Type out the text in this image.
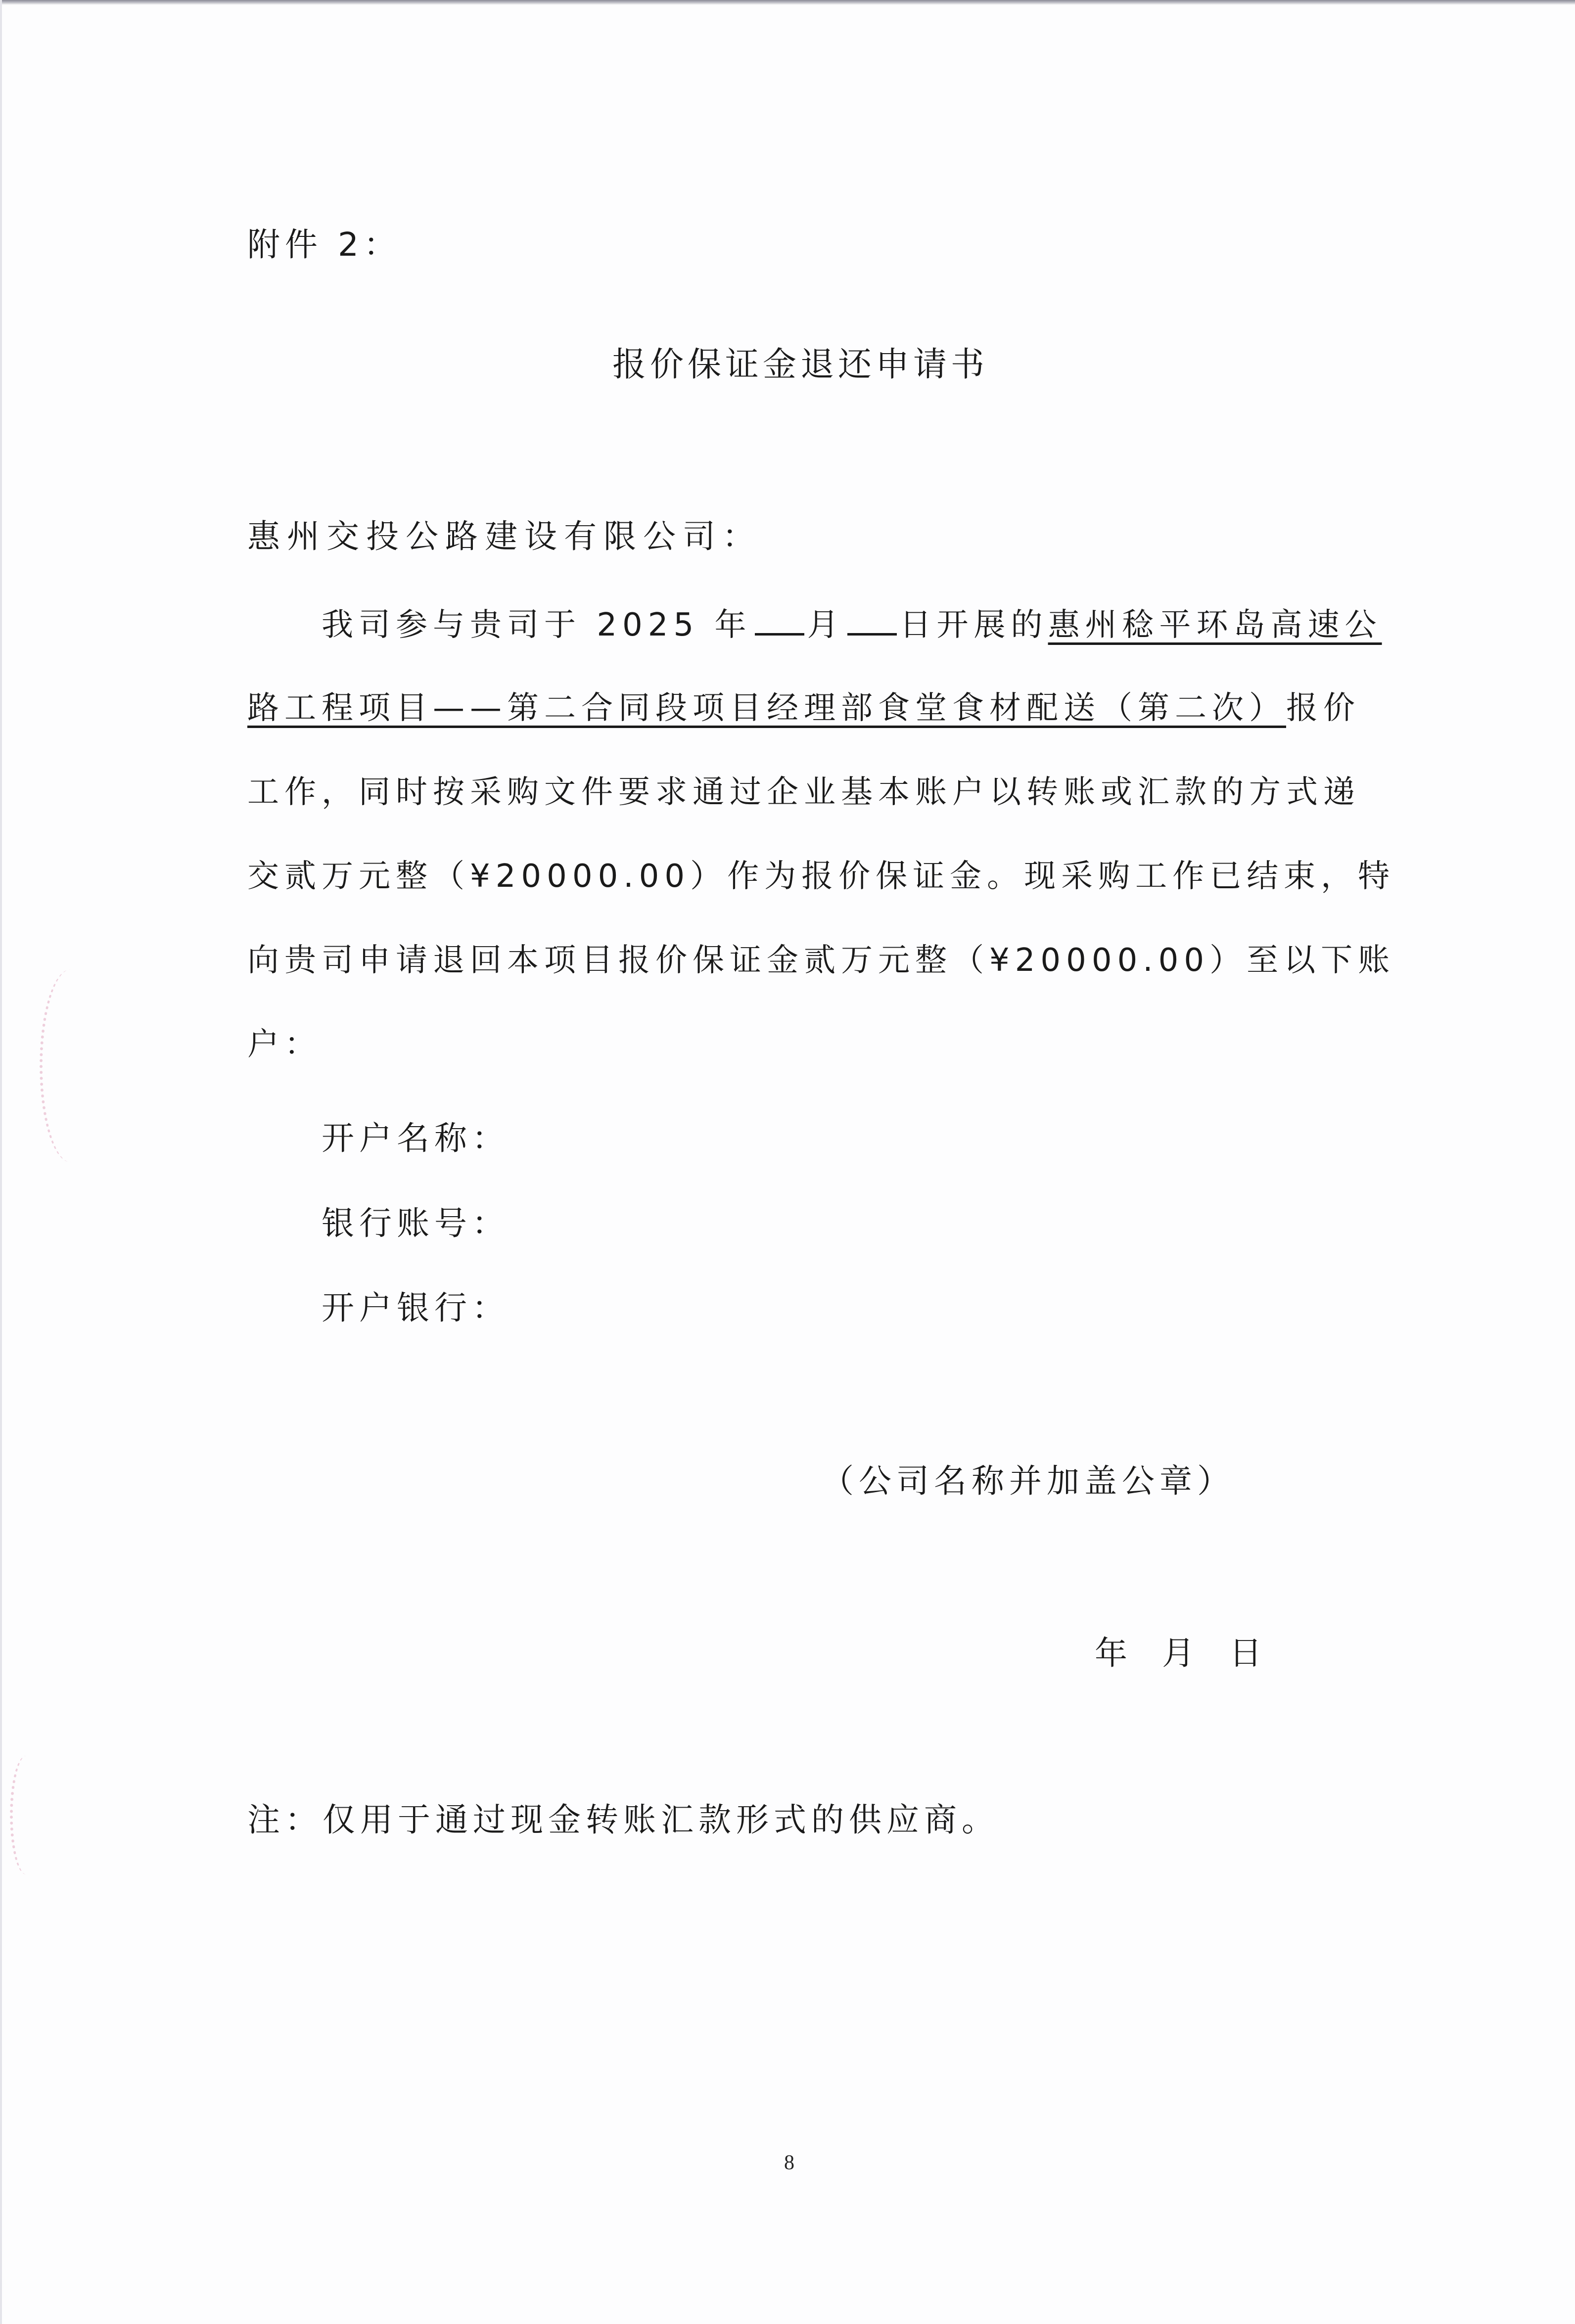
附件 2：
报价保证金退还申请书
惠州交投公路建设有限公司：
我司参与贵司于 2025 年 月 日开展的惠州稔平环岛高速公
路工程项目——第二合同段项目经理部食堂食材配送（第二次）报价
工作，同时按采购文件要求通过企业基本账户以转账或汇款的方式递
交贰万元整（¥20000.00）作为报价保证金。现采购工作已结束，特
向贵司申请退回本项目报价保证金贰万元整（¥20000.00）至以下账
户：
开户名称：
银行账号：
开户银行：
（公司名称并加盖公章）
年 月 日
注：仅用于通过现金转账汇款形式的供应商。
8
